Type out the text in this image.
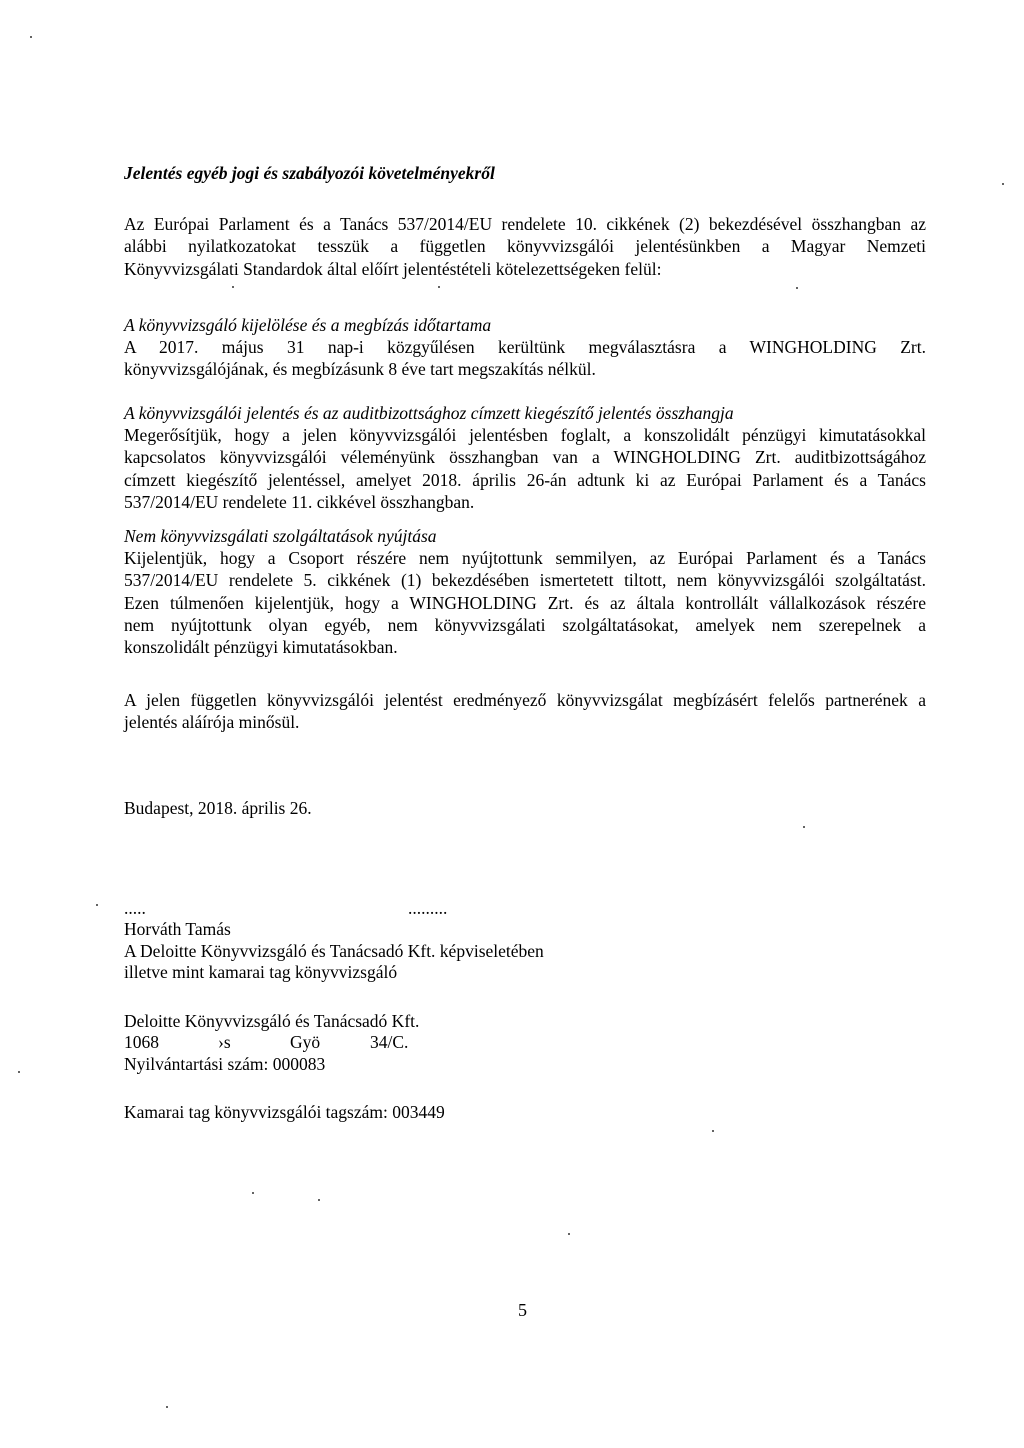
Jelentés egyéb jogi és szabályozói követelményekről
Az Európai Parlament és a Tanács 537/2014/EU rendelete 10. cikkének (2) bekezdésével összhangban az
alábbi nyilatkozatokat tesszük a független könyvvizsgálói jelentésünkben a Magyar Nemzeti
Könyvvizsgálati Standardok által előírt jelentéstételi kötelezettségeken felül:
A könyvvizsgáló kijelölése és a megbízás időtartama
A 2017. május 31 nap-i közgyűlésen kerültünk megválasztásra a WINGHOLDING Zrt.
könyvvizsgálójának, és megbízásunk 8 éve tart megszakítás nélkül.
A könyvvizsgálói jelentés és az auditbizottsághoz címzett kiegészítő jelentés összhangja
Megerősítjük, hogy a jelen könyvvizsgálói jelentésben foglalt, a konszolidált pénzügyi kimutatásokkal
kapcsolatos könyvvizsgálói véleményünk összhangban van a WINGHOLDING Zrt. auditbizottságához
címzett kiegészítő jelentéssel, amelyet 2018. április 26-án adtunk ki az Európai Parlament és a Tanács
537/2014/EU rendelete 11. cikkével összhangban.
Nem könyvvizsgálati szolgáltatások nyújtása
Kijelentjük, hogy a Csoport részére nem nyújtottunk semmilyen, az Európai Parlament és a Tanács
537/2014/EU rendelete 5. cikkének (1) bekezdésében ismertetett tiltott, nem könyvvizsgálói szolgáltatást.
Ezen túlmenően kijelentjük, hogy a WINGHOLDING Zrt. és az általa kontrollált vállalkozások részére
nem nyújtottunk olyan egyéb, nem könyvvizsgálati szolgáltatásokat, amelyek nem szerepelnek a
konszolidált pénzügyi kimutatásokban.
A jelen független könyvvizsgálói jelentést eredményező könyvvizsgálat megbízásért felelős partnerének a
jelentés aláírója minősül.
Budapest, 2018. április 26.
.....	.........
Horváth Tamás
A Deloitte Könyvvizsgáló és Tanácsadó Kft. képviseletében
illetve mint kamarai tag könyvvizsgáló
Deloitte Könyvvizsgáló és Tanácsadó Kft.
1068	›s	Gyö	34/C.
Nyilvántartási szám: 000083
Kamarai tag könyvvizsgálói tagszám: 003449
5
